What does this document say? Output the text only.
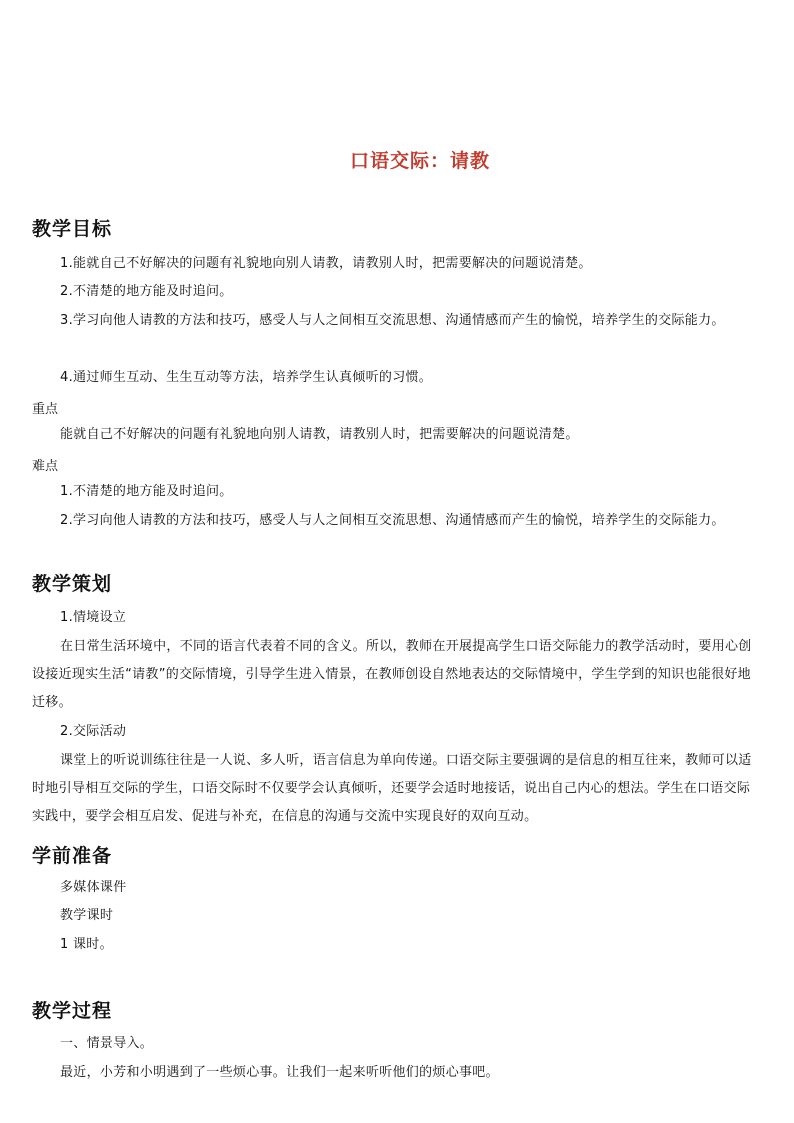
口语交际：请教
教学目标
1.能就自己不好解决的问题有礼貌地向别人请教，请教别人时，把需要解决的问题说清楚。
2.不清楚的地方能及时追问。
3.学习向他人请教的方法和技巧，感受人与人之间相互交流思想、沟通情感而产生的愉悦，培养学生的交际能力。
4.通过师生互动、生生互动等方法，培养学生认真倾听的习惯。
重点
能就自己不好解决的问题有礼貌地向别人请教，请教别人时，把需要解决的问题说清楚。
难点
1.不清楚的地方能及时追问。
2.学习向他人请教的方法和技巧，感受人与人之间相互交流思想、沟通情感而产生的愉悦，培养学生的交际能力。
教学策划
1.情境设立
在日常生活环境中，不同的语言代表着不同的含义。所以，教师在开展提高学生口语交际能力的教学活动时，要用心创设接近现实生活“请教”的交际情境，引导学生进入情景，在教师创设自然地表达的交际情境中，学生学到的知识也能很好地迁移。
2.交际活动
课堂上的听说训练往往是一人说、多人听，语言信息为单向传递。口语交际主要强调的是信息的相互往来，教师可以适时地引导相互交际的学生，口语交际时不仅要学会认真倾听，还要学会适时地接话，说出自己内心的想法。学生在口语交际实践中，要学会相互启发、促进与补充，在信息的沟通与交流中实现良好的双向互动。
学前准备
多媒体课件
教学课时
1 课时。
教学过程
一、情景导入。
最近，小芳和小明遇到了一些烦心事。让我们一起来听听他们的烦心事吧。
